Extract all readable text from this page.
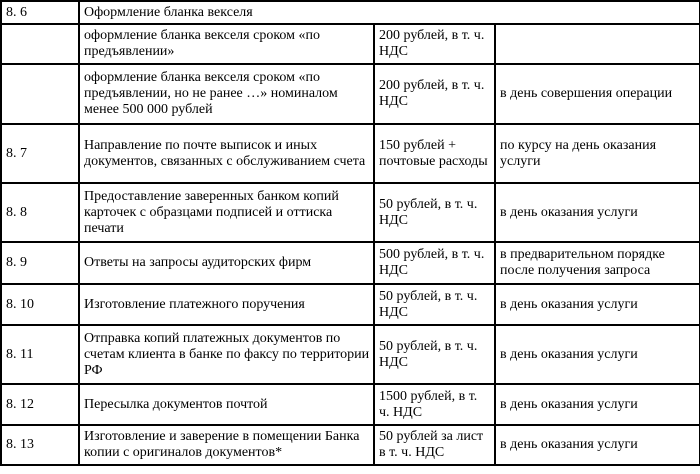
8. 6	Оформление бланка векселя		
	оформление бланка векселя сроком «по предъявлении»	200 рублей, в т. ч. НДС	
	оформление бланка векселя сроком «по предъявлении, но не ранее …» номиналом менее 500 000 рублей	200 рублей, в т. ч. НДС	в день совершения операции
8. 7	Направление по почте выписок и иных документов, связанных с обслуживанием счета	150 рублей + почтовые расходы	по курсу на день оказания услуги
8. 8	Предоставление заверенных банком копий карточек с образцами подписей и оттиска печати	50 рублей, в т. ч. НДС	в день оказания услуги
8. 9	Ответы на запросы аудиторских фирм	500 рублей, в т. ч. НДС	в предварительном порядке после получения запроса
8. 10	Изготовление платежного поручения	50 рублей, в т. ч. НДС	в день оказания услуги
8. 11	Отправка копий платежных документов по счетам клиента в банке по факсу по территории РФ	50 рублей, в т. ч. НДС	в день оказания услуги
8. 12	Пересылка документов почтой	1500 рублей, в т. ч. НДС	в день оказания услуги
8. 13	Изготовление и заверение в помещении Банка копии с оригиналов документов*	50 рублей за лист в т. ч. НДС	в день оказания услуги
